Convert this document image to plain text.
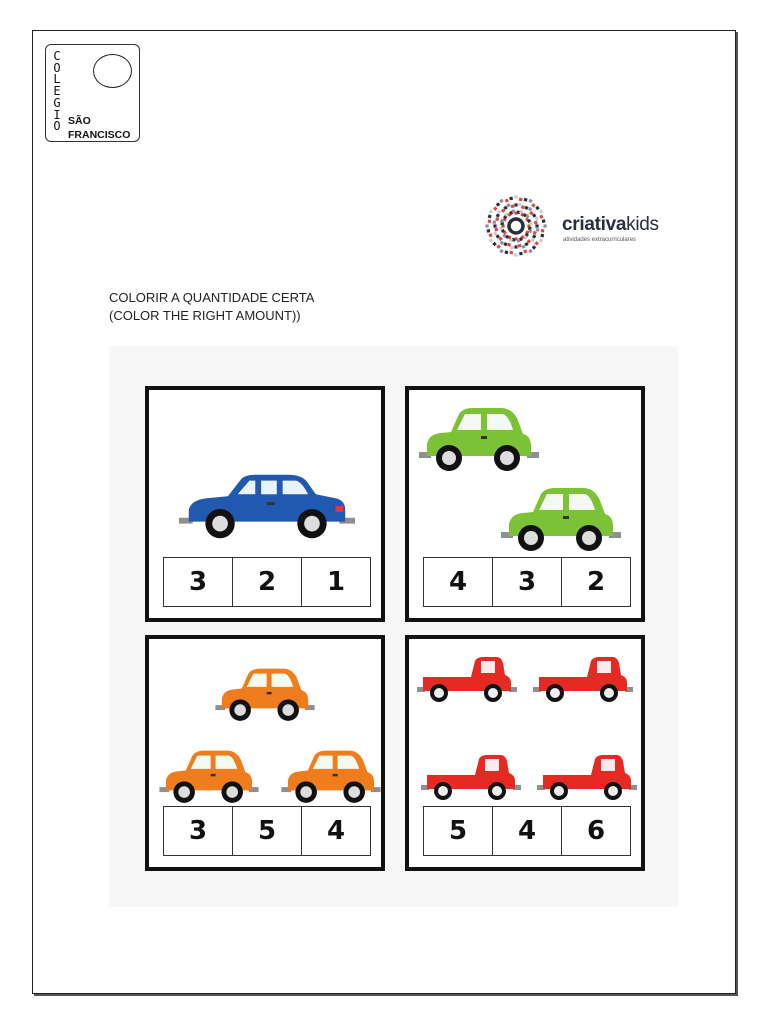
C
O
L
E
G
I
O SÃO
FRANCISCO
criativakids
atividades extracurriculares
COLORIR A QUANTIDADE CERTA
(COLOR THE RIGHT AMOUNT))
3	2	1	4	3	2
3	5	4	5	4	6
